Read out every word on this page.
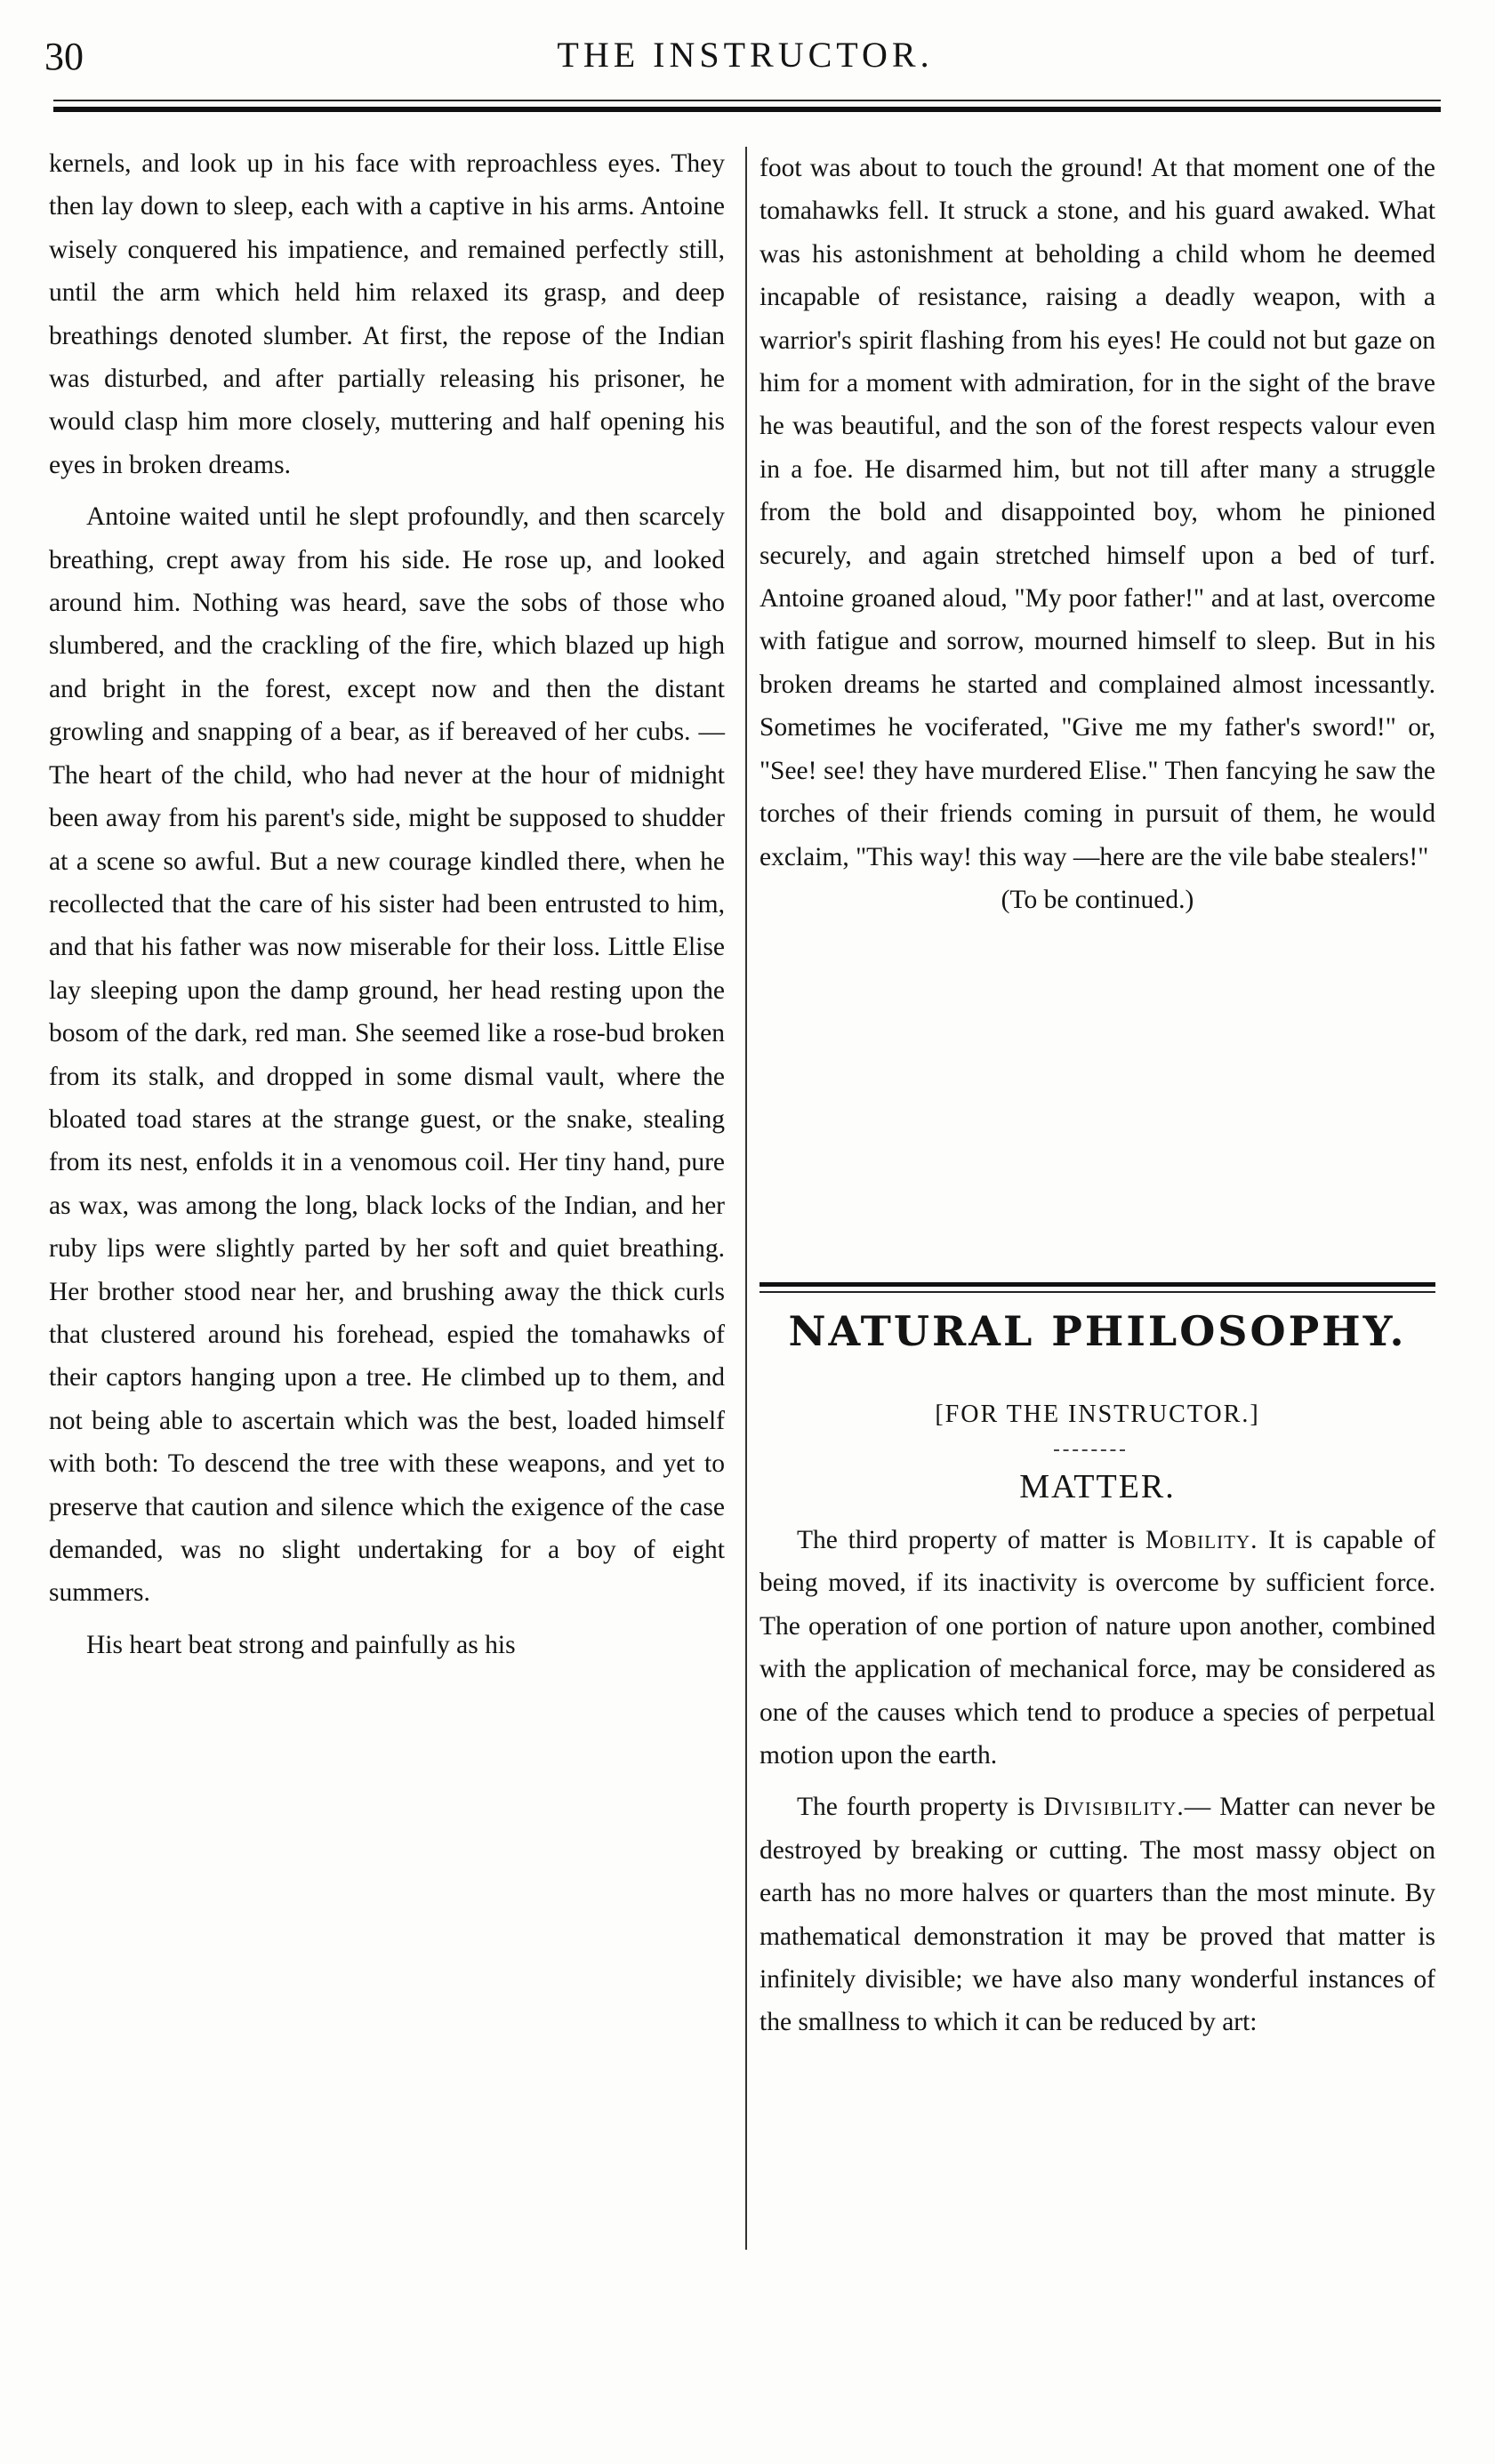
30	THE INSTRUCTOR.

kernels, and look up in his face with reproachless eyes. They then lay down to sleep, each with a captive in his arms. Antoine wisely conquered his impatience, and remained perfectly still, until the arm which held him relaxed its grasp, and deep breathings denoted slumber. At first, the repose of the Indian was disturbed, and after partially releasing his prisoner, he would clasp him more closely, muttering and half opening his eyes in broken dreams.

Antoine waited until he slept profoundly, and then scarcely breathing, crept away from his side. He rose up, and looked around him. Nothing was heard, save the sobs of those who slumbered, and the crackling of the fire, which blazed up high and bright in the forest, except now and then the distant growling and snapping of a bear, as if bereaved of her cubs. —The heart of the child, who had never at the hour of midnight been away from his parent's side, might be supposed to shudder at a scene so awful. But a new courage kindled there, when he recollected that the care of his sister had been entrusted to him, and that his father was now miserable for their loss. Little Elise lay sleeping upon the damp ground, her head resting upon the bosom of the dark, red man. She seemed like a rose-bud broken from its stalk, and dropped in some dismal vault, where the bloated toad stares at the strange guest, or the snake, stealing from its nest, enfolds it in a venomous coil. Her tiny hand, pure as wax, was among the long, black locks of the Indian, and her ruby lips were slightly parted by her soft and quiet breathing. Her brother stood near her, and brushing away the thick curls that clustered around his forehead, espied the tomahawks of their captors hanging upon a tree. He climbed up to them, and not being able to ascertain which was the best, loaded himself with both: To descend the tree with these weapons, and yet to preserve that caution and silence which the exigence of the case demanded, was no slight undertaking for a boy of eight summers.

His heart beat strong and painfully as his

foot was about to touch the ground! At that moment one of the tomahawks fell. It struck a stone, and his guard awaked. What was his astonishment at beholding a child whom he deemed incapable of resistance, raising a deadly weapon, with a warrior's spirit flashing from his eyes! He could not but gaze on him for a moment with admiration, for in the sight of the brave he was beautiful, and the son of the forest respects valour even in a foe. He disarmed him, but not till after many a struggle from the bold and disappointed boy, whom he pinioned securely, and again stretched himself upon a bed of turf. Antoine groaned aloud, "My poor father!" and at last, overcome with fatigue and sorrow, mourned himself to sleep. But in his broken dreams he started and complained almost incessantly. Sometimes he vociferated, "Give me my father's sword!" or, "See! see! they have murdered Elise." Then fancying he saw the torches of their friends coming in pursuit of them, he would exclaim, "This way! this way —here are the vile babe stealers!"

(To be continued.)

NATURAL PHILOSOPHY.
[FOR THE INSTRUCTOR.]
MATTER.

The third property of matter is Mobility. It is capable of being moved, if its inactivity is overcome by sufficient force. The operation of one portion of nature upon another, combined with the application of mechanical force, may be considered as one of the causes which tend to produce a species of perpetual motion upon the earth.

The fourth property is Divisibility.— Matter can never be destroyed by breaking or cutting. The most massy object on earth has no more halves or quarters than the most minute. By mathematical demonstration it may be proved that matter is infinitely divisible; we have also many wonderful instances of the smallness to which it can be reduced by art:
